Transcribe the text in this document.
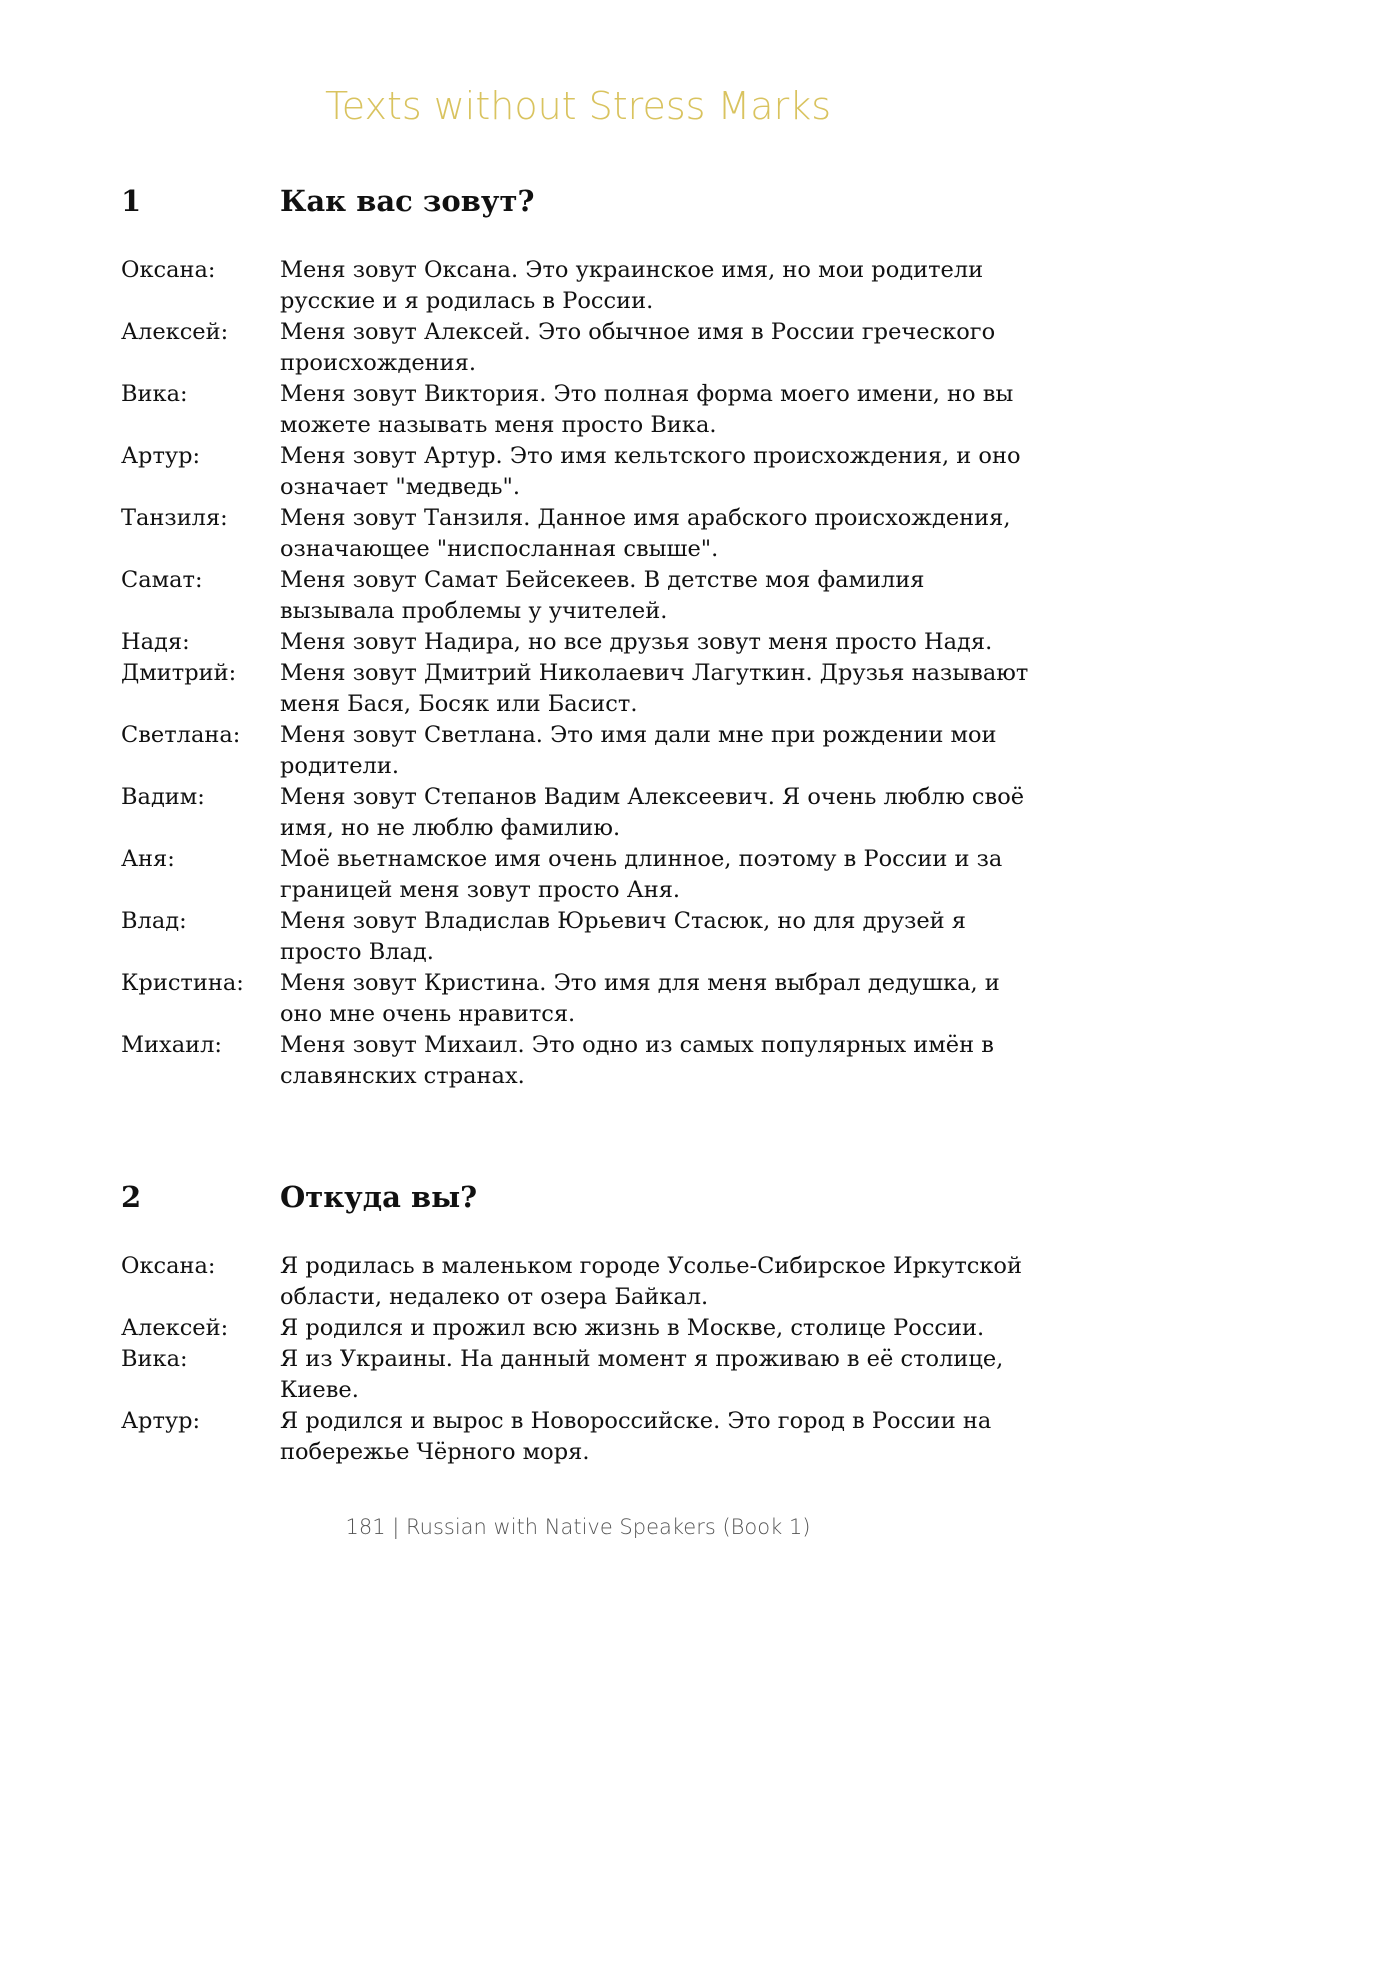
Texts without Stress Marks
1	Как вас зовут?
Оксана:	Меня зовут Оксана. Это украинское имя, но мои родители русские и я родилась в России.
Алексей:	Меня зовут Алексей. Это обычное имя в России греческого происхождения.
Вика:	Меня зовут Виктория. Это полная форма моего имени, но вы можете называть меня просто Вика.
Артур:	Меня зовут Артур. Это имя кельтского происхождения, и оно означает "медведь".
Танзиля:	Меня зовут Танзиля. Данное имя арабского происхождения, означающее "ниспосланная свыше".
Самат:	Меня зовут Самат Бейсекеев. В детстве моя фамилия вызывала проблемы у учителей.
Надя:	Меня зовут Надира, но все друзья зовут меня просто Надя.
Дмитрий:	Меня зовут Дмитрий Николаевич Лагуткин. Друзья называют меня Бася, Босяк или Басист.
Светлана:	Меня зовут Светлана. Это имя дали мне при рождении мои родители.
Вадим:	Меня зовут Степанов Вадим Алексеевич. Я очень люблю своё имя, но не люблю фамилию.
Аня:	Моё вьетнамское имя очень длинное, поэтому в России и за границей меня зовут просто Аня.
Влад:	Меня зовут Владислав Юрьевич Стасюк, но для друзей я просто Влад.
Кристина:	Меня зовут Кристина. Это имя для меня выбрал дедушка, и оно мне очень нравится.
Михаил:	Меня зовут Михаил. Это одно из самых популярных имён в славянских странах.
2	Откуда вы?
Оксана:	Я родилась в маленьком городе Усолье-Сибирское Иркутской области, недалеко от озера Байкал.
Алексей:	Я родился и прожил всю жизнь в Москве, столице России.
Вика:	Я из Украины. На данный момент я проживаю в её столице, Киеве.
Артур:	Я родился и вырос в Новороссийске. Это город в России на побережье Чёрного моря.
181 | Russian with Native Speakers (Book 1)
